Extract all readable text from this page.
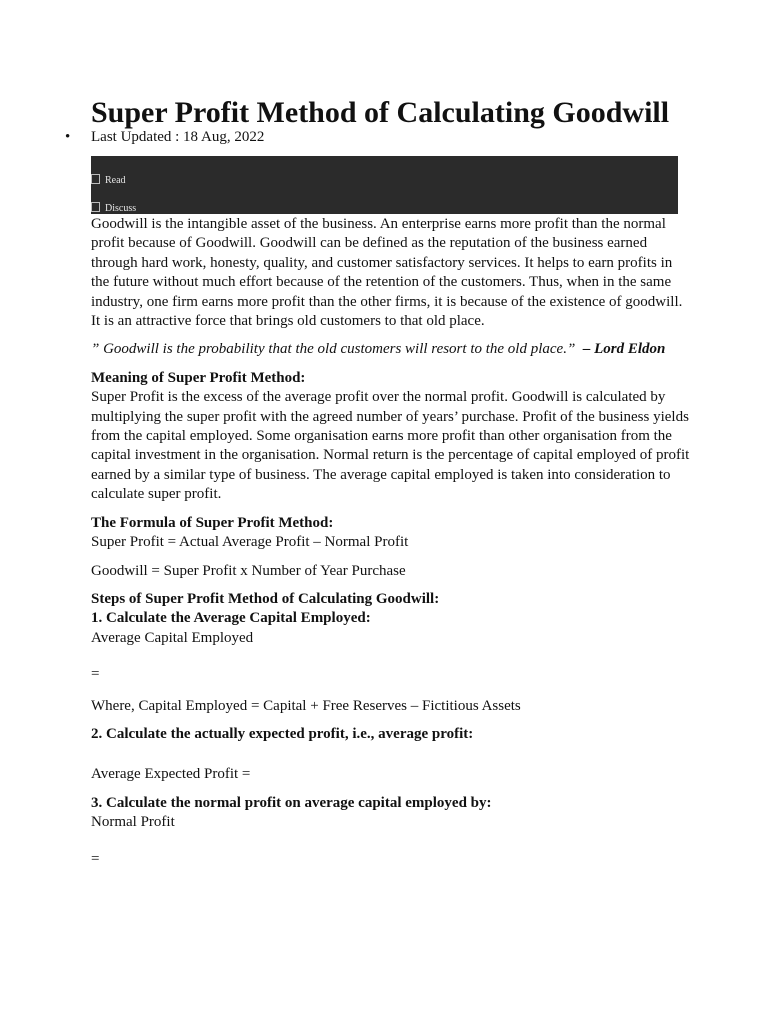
Super Profit Method of Calculating Goodwill
• Last Updated : 18 Aug, 2022
Read
Discuss

Goodwill is the intangible asset of the business. An enterprise earns more profit than the normal profit because of Goodwill. Goodwill can be defined as the reputation of the business earned through hard work, honesty, quality, and customer satisfactory services. It helps to earn profits in the future without much effort because of the retention of the customers. Thus, when in the same industry, one firm earns more profit than the other firms, it is because of the existence of goodwill. It is an attractive force that brings old customers to that old place.

” Goodwill is the probability that the old customers will resort to the old place.” – Lord Eldon

Meaning of Super Profit Method:
Super Profit is the excess of the average profit over the normal profit. Goodwill is calculated by multiplying the super profit with the agreed number of years’ purchase. Profit of the business yields from the capital employed. Some organisation earns more profit than other organisation from the capital investment in the organisation. Normal return is the percentage of capital employed of profit earned by a similar type of business. The average capital employed is taken into consideration to calculate super profit.

The Formula of Super Profit Method:
Super Profit = Actual Average Profit – Normal Profit

Goodwill = Super Profit x Number of Year Purchase

Steps of Super Profit Method of Calculating Goodwill:
1. Calculate the Average Capital Employed:
Average Capital Employed

=

Where, Capital Employed = Capital + Free Reserves – Fictitious Assets

2. Calculate the actually expected profit, i.e., average profit:

Average Expected Profit =

3. Calculate the normal profit on average capital employed by:
Normal Profit

=
